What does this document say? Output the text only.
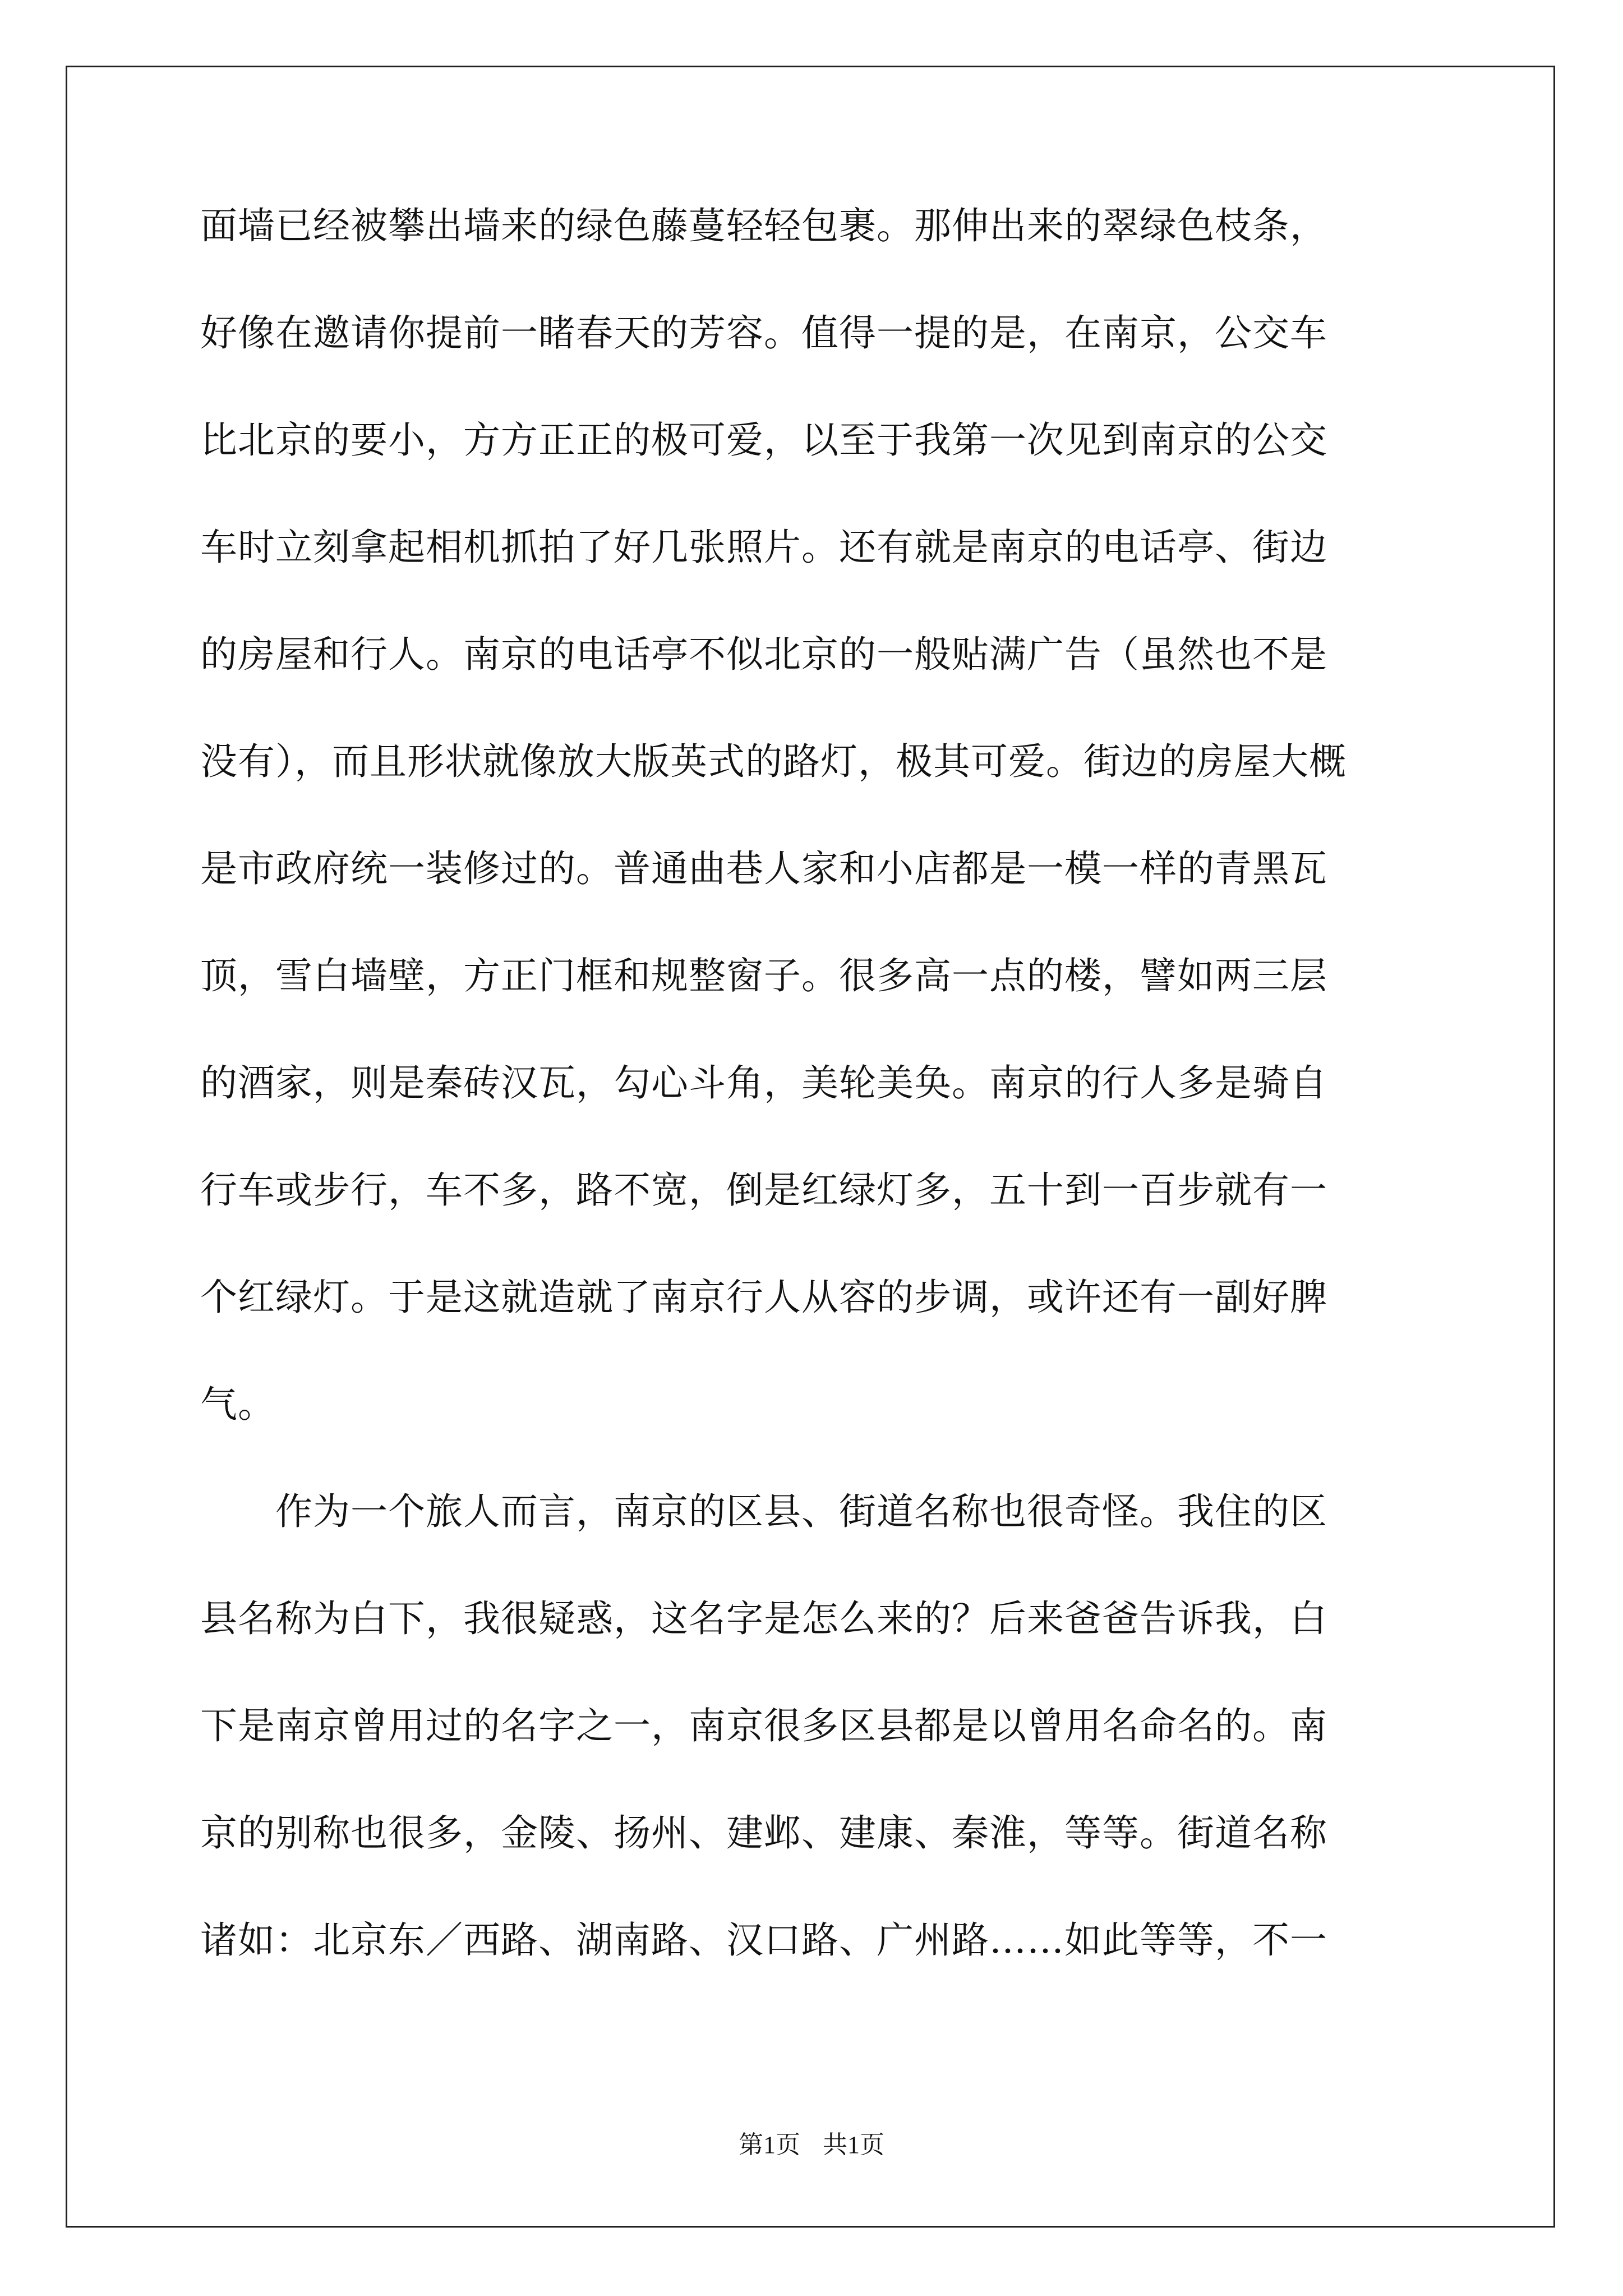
面墙已经被攀出墙来的绿色藤蔓轻轻包裹。那伸出来的翠绿色枝条，
好像在邀请你提前一睹春天的芳容。值得一提的是，在南京，公交车
比北京的要小，方方正正的极可爱，以至于我第一次见到南京的公交
车时立刻拿起相机抓拍了好几张照片。还有就是南京的电话亭、街边
的房屋和行人。南京的电话亭不似北京的一般贴满广告（虽然也不是
没有），而且形状就像放大版英式的路灯，极其可爱。街边的房屋大概
是市政府统一装修过的。普通曲巷人家和小店都是一模一样的青黑瓦
顶，雪白墙壁，方正门框和规整窗子。很多高一点的楼，譬如两三层
的酒家，则是秦砖汉瓦，勾心斗角，美轮美奂。南京的行人多是骑自
行车或步行，车不多，路不宽，倒是红绿灯多，五十到一百步就有一
个红绿灯。于是这就造就了南京行人从容的步调，或许还有一副好脾
气。
　　作为一个旅人而言，南京的区县、街道名称也很奇怪。我住的区
县名称为白下，我很疑惑，这名字是怎么来的？后来爸爸告诉我，白
下是南京曾用过的名字之一，南京很多区县都是以曾用名命名的。南
京的别称也很多，金陵、扬州、建邺、建康、秦淮，等等。街道名称
诸如：北京东／西路、湖南路、汉口路、广州路……如此等等，不一
第1页 共1页
